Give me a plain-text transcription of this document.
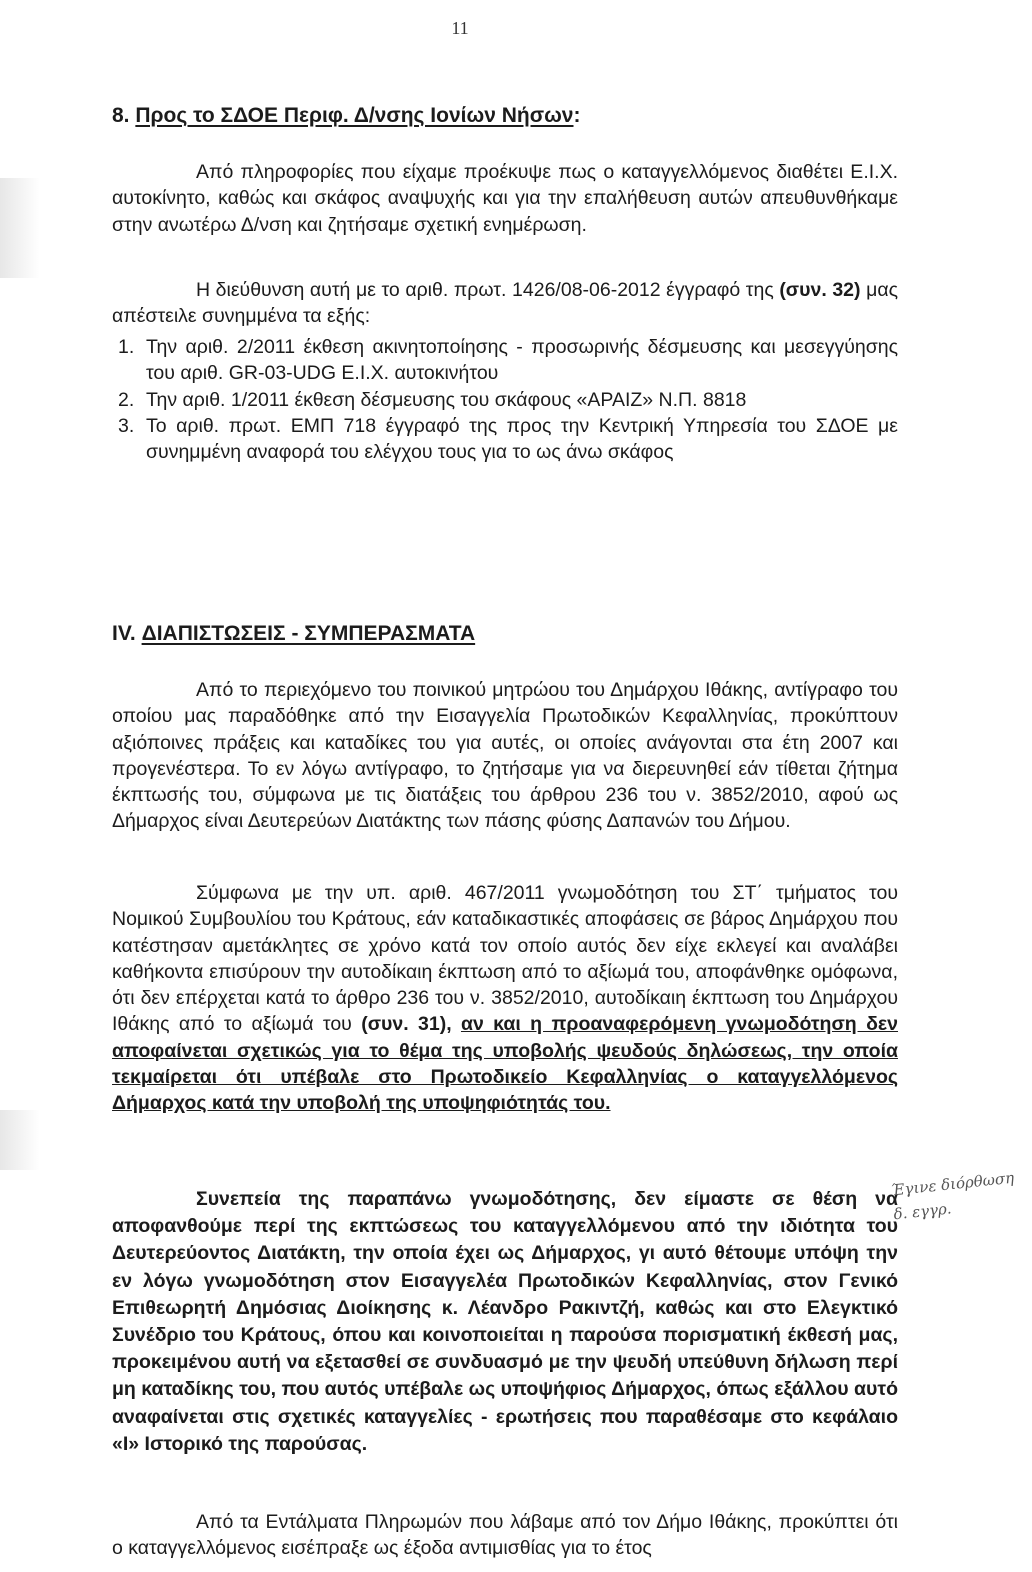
11
8. Προς το ΣΔΟΕ Περιφ. Δ/νσης Ιονίων Νήσων:

Από πληροφορίες που είχαμε προέκυψε πως ο καταγγελλόμενος διαθέτει Ε.Ι.Χ. αυτοκίνητο, καθώς και σκάφος αναψυχής και για την επαλήθευση αυτών απευθυνθήκαμε στην ανωτέρω Δ/νση και ζητήσαμε σχετική ενημέρωση.

Η διεύθυνση αυτή με το αριθ. πρωτ. 1426/08-06-2012 έγγραφό της (συν. 32) μας απέστειλε συνημμένα τα εξής:

1. Την αριθ. 2/2011 έκθεση ακινητοποίησης - προσωρινής δέσμευσης και μεσεγγύησης του αριθ. GR-03-UDG Ε.Ι.Χ. αυτοκινήτου
2. Την αριθ. 1/2011 έκθεση δέσμευσης του σκάφους «ΑΡΑΙΖ» Ν.Π. 8818
3. Το αριθ. πρωτ. ΕΜΠ 718 έγγραφό της προς την Κεντρική Υπηρεσία του ΣΔΟΕ με συνημμένη αναφορά του ελέγχου τους για το ως άνω σκάφος
IV. ΔΙΑΠΙΣΤΩΣΕΙΣ - ΣΥΜΠΕΡΑΣΜΑΤΑ

Από το περιεχόμενο του ποινικού μητρώου του Δημάρχου Ιθάκης, αντίγραφο του οποίου μας παραδόθηκε από την Εισαγγελία Πρωτοδικών Κεφαλληνίας, προκύπτουν αξιόποινες πράξεις και καταδίκες του για αυτές, οι οποίες ανάγονται στα έτη 2007 και προγενέστερα. Το εν λόγω αντίγραφο, το ζητήσαμε για να διερευνηθεί εάν τίθεται ζήτημα έκπτωσής του, σύμφωνα με τις διατάξεις του άρθρου 236 του ν. 3852/2010, αφού ως Δήμαρχος είναι Δευτερεύων Διατάκτης των πάσης φύσης Δαπανών του Δήμου.

Σύμφωνα με την υπ. αριθ. 467/2011 γνωμοδότηση του ΣΤ΄ τμήματος του Νομικού Συμβουλίου του Κράτους, εάν καταδικαστικές αποφάσεις σε βάρος Δημάρχου που κατέστησαν αμετάκλητες σε χρόνο κατά τον οποίο αυτός δεν είχε εκλεγεί και αναλάβει καθήκοντα επισύρουν την αυτοδίκαιη έκπτωση από το αξίωμά του, αποφάνθηκε ομόφωνα, ότι δεν επέρχεται κατά το άρθρο 236 του ν. 3852/2010, αυτοδίκαιη έκπτωση του Δημάρχου Ιθάκης από το αξίωμά του (συν. 31), αν και η προαναφερόμενη γνωμοδότηση δεν αποφαίνεται σχετικώς για το θέμα της υποβολής ψευδούς δηλώσεως, την οποία τεκμαίρεται ότι υπέβαλε στο Πρωτοδικείο Κεφαλληνίας ο καταγγελλόμενος Δήμαρχος κατά την υποβολή της υποψηφιότητάς του.

Συνεπεία της παραπάνω γνωμοδότησης, δεν είμαστε σε θέση να αποφανθούμε περί της εκπτώσεως του καταγγελλόμενου από την ιδιότητα του Δευτερεύοντος Διατάκτη, την οποία έχει ως Δήμαρχος, γι αυτό θέτουμε υπόψη την εν λόγω γνωμοδότηση στον Εισαγγελέα Πρωτοδικών Κεφαλληνίας, στον Γενικό Επιθεωρητή Δημόσιας Διοίκησης κ. Λέανδρο Ρακιντζή, καθώς και στο Ελεγκτικό Συνέδριο του Κράτους, όπου και κοινοποιείται η παρούσα πορισματική έκθεσή μας, προκειμένου αυτή να εξετασθεί σε συνδυασμό με την ψευδή υπεύθυνη δήλωση περί μη καταδίκης του, που αυτός υπέβαλε ως υποψήφιος Δήμαρχος, όπως εξάλλου αυτό αναφαίνεται στις σχετικές καταγγελίες - ερωτήσεις που παραθέσαμε στο κεφάλαιο «Ι» Ιστορικό της παρούσας.

Από τα Εντάλματα Πληρωμών που λάβαμε από τον Δήμο Ιθάκης, προκύπτει ότι ο καταγγελλόμενος εισέπραξε ως έξοδα αντιμισθίας για το έτος

Έγινε διόρθωση
δ. εγγρ.
